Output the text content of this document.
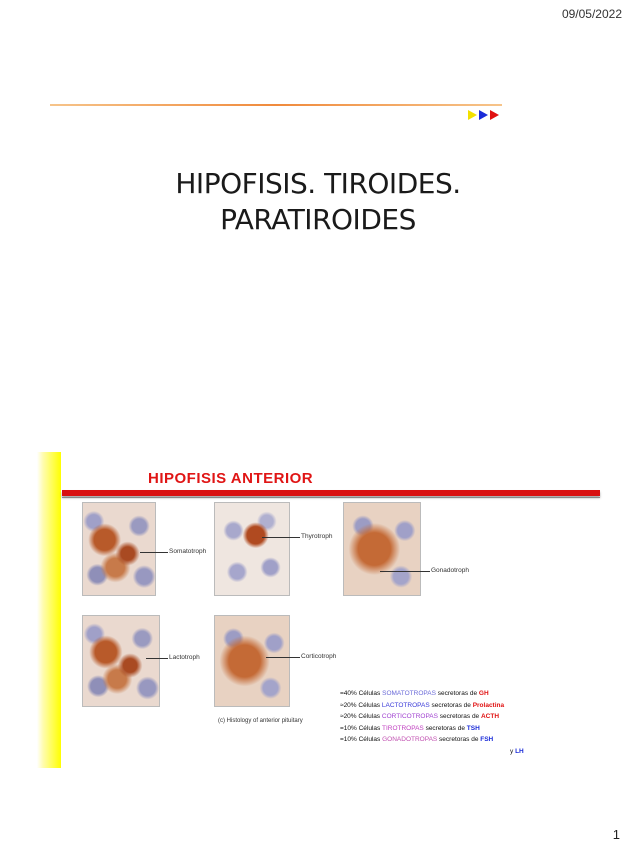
09/05/2022
HIPOFISIS. TIROIDES.
PARATIROIDES
HIPOFISIS ANTERIOR
Somatotroph
Thyrotroph
Gonadotroph
Lactotroph	Corticotroph
(c) Histology of anterior pituitary
=40% Células SOMATOTROPAS secretoras de GH
≈20% Células LACTOTROPAS secretoras de Prolactina
≈20% Células CORTICOTROPAS secretoras de ACTH
=10% Células TIROTROPAS secretoras de TSH
=10% Células GONADOTROPAS secretoras de FSH
y LH
1
